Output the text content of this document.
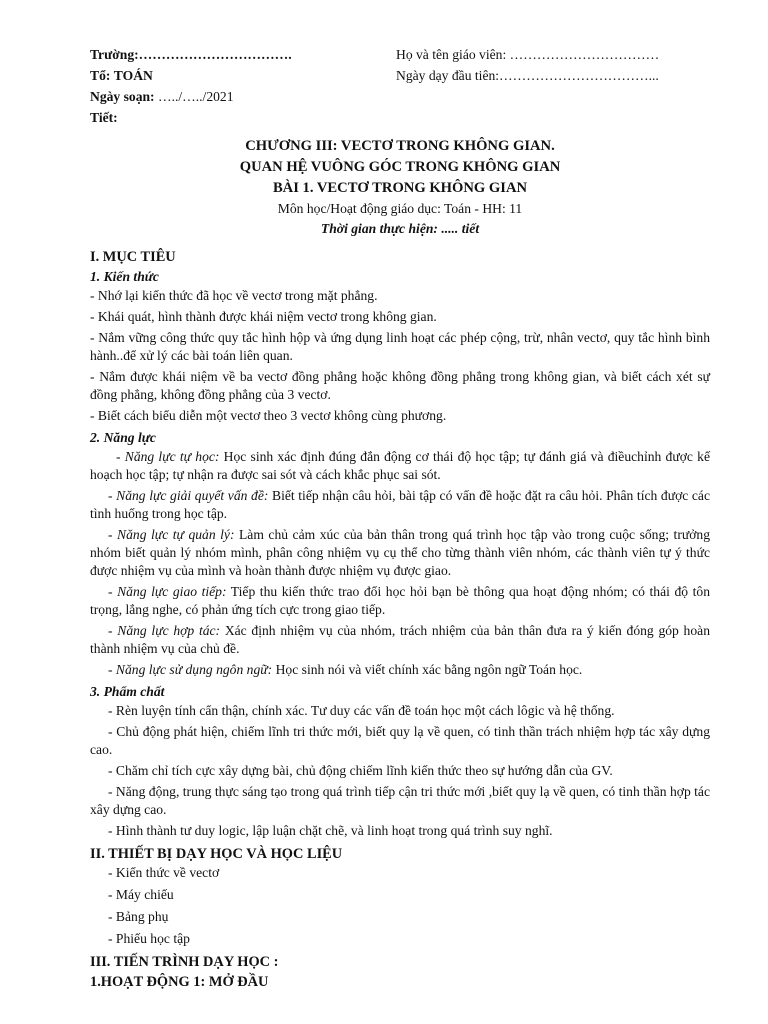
Trường:…………………………….
Tổ: TOÁN
Ngày soạn: …../…../2021
Tiết:
Họ và tên giáo viên: ……………………………
Ngày dạy đầu tiên:……………………………...
CHƯƠNG III: VECTƠ TRONG KHÔNG GIAN.
QUAN HỆ VUÔNG GÓC TRONG KHÔNG GIAN
BÀI 1. VECTƠ TRONG KHÔNG GIAN
Môn học/Hoạt động giáo dục: Toán - HH: 11
Thời gian thực hiện: ..... tiết
I. MỤC TIÊU
1. Kiến thức

- Nhớ lại kiến thức đã học về vectơ trong mặt phẳng.

- Khái quát, hình thành được khái niệm vectơ trong không gian.

- Nắm vững công thức quy tắc hình hộp và ứng dụng linh hoạt các phép cộng, trừ, nhân vectơ, quy tắc hình bình hành..để xử lý các bài toán liên quan.

- Nắm được khái niệm về ba vectơ đồng phẳng hoặc không đồng phẳng trong không gian, và biết cách xét sự đồng phẳng, không đồng phẳng của 3 vectơ.

- Biết cách biểu diễn một vectơ theo 3 vectơ không cùng phương.

2. Năng lực

- Năng lực tự học: Học sinh xác định đúng đắn động cơ thái độ học tập; tự đánh giá và điềuchỉnh được kế hoạch học tập; tự nhận ra được sai sót và cách khắc phục sai sót.

- Năng lực giải quyết vấn đề: Biết tiếp nhận câu hỏi, bài tập có vấn đề hoặc đặt ra câu hỏi. Phân tích được các tình huống trong học tập.

- Năng lực tự quản lý: Làm chủ cảm xúc của bản thân trong quá trình học tập vào trong cuộc sống; trưởng nhóm biết quản lý nhóm mình, phân công nhiệm vụ cụ thể cho từng thành viên nhóm, các thành viên tự ý thức được nhiệm vụ của mình và hoàn thành được nhiệm vụ được giao.

- Năng lực giao tiếp: Tiếp thu kiến thức trao đổi học hỏi bạn bè thông qua hoạt động nhóm; có thái độ tôn trọng, lắng nghe, có phản ứng tích cực trong giao tiếp.

- Năng lực hợp tác: Xác định nhiệm vụ của nhóm, trách nhiệm của bản thân đưa ra ý kiến đóng góp hoàn thành nhiệm vụ của chủ đề.

- Năng lực sử dụng ngôn ngữ: Học sinh nói và viết chính xác bằng ngôn ngữ Toán học.

3. Phẩm chất

- Rèn luyện tính cẩn thận, chính xác. Tư duy các vấn đề toán học một cách lôgic và hệ thống.

- Chủ động phát hiện, chiếm lĩnh tri thức mới, biết quy lạ về quen, có tinh thần trách nhiệm hợp tác xây dựng cao.

- Chăm chỉ tích cực xây dựng bài, chủ động chiếm lĩnh kiến thức theo sự hướng dẫn của GV.

- Năng động, trung thực sáng tạo trong quá trình tiếp cận tri thức mới ,biết quy lạ về quen, có tinh thần hợp tác xây dựng cao.

- Hình thành tư duy logic, lập luận chặt chẽ, và linh hoạt trong quá trình suy nghĩ.

II. THIẾT BỊ DẠY HỌC VÀ HỌC LIỆU

- Kiến thức về vectơ

- Máy chiếu

- Bảng phụ

- Phiếu học tập

III. TIẾN TRÌNH DẠY HỌC :
1.HOẠT ĐỘNG 1: MỞ ĐẦU
